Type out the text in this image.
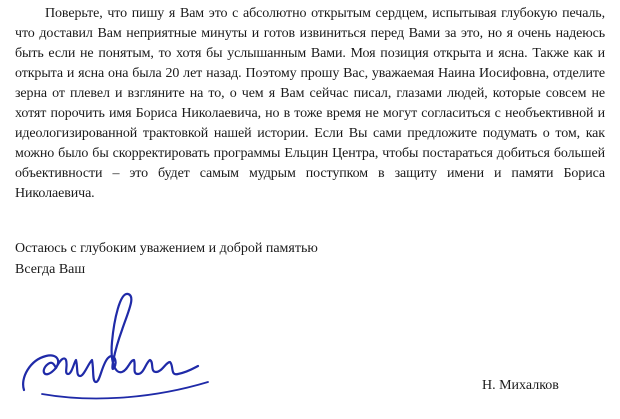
Поверьте, что пишу я Вам это с абсолютно открытым сердцем, испытывая глубокую печаль, что доставил Вам неприятные минуты и готов извиниться перед Вами за это, но я очень надеюсь быть если не понятым, то хотя бы услышанным Вами. Моя позиция открыта и ясна. Также как и открыта и ясна она была 20 лет назад. Поэтому прошу Вас, уважаемая Наина Иосифовна, отделите зерна от плевел и взгляните на то, о чем я Вам сейчас писал, глазами людей, которые совсем не хотят порочить имя Бориса Николаевича, но в тоже время не могут согласиться с необъективной и идеологизированной трактовкой нашей истории. Если Вы сами предложите подумать о том, как можно было бы скорректировать программы Ельцин Центра, чтобы постараться добиться большей объективности – это будет самым мудрым поступком в защиту имени и памяти Бориса Николаевича.

Остаюсь с глубоким уважением и доброй памятью
Всегда Ваш

Н. Михалков
